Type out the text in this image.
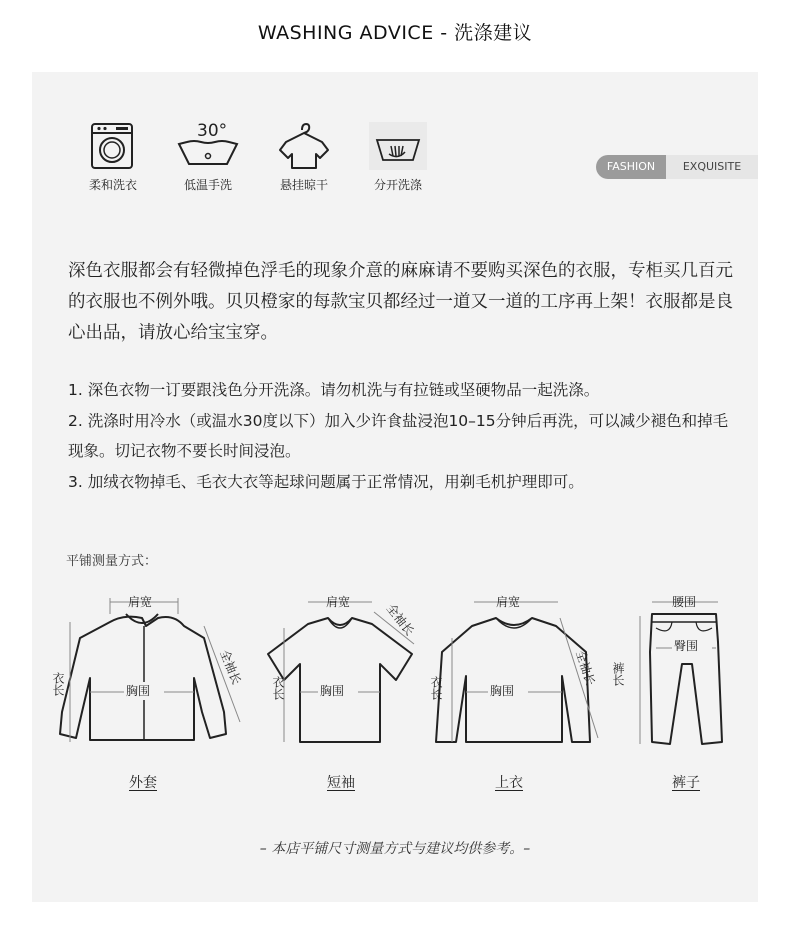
WASHING ADVICE - 洗涤建议
柔和洗衣
30°
低温手洗	悬挂晾干	分开洗涤
FASHION	EXQUISITE
深色衣服都会有轻微掉色浮毛的现象介意的麻麻请不要购买深色的衣服，专柜买几百元的衣服也不例外哦。贝贝橙家的每款宝贝都经过一道又一道的工序再上架！衣服都是良心出品，请放心给宝宝穿。

1. 深色衣物一订要跟浅色分开洗涤。请勿机洗与有拉链或坚硬物品一起洗涤。

2. 洗涤时用冷水（或温水30度以下）加入少许食盐浸泡10–15分钟后再洗，可以减少褪色和掉毛现象。切记衣物不要长时间浸泡。

3. 加绒衣物掉毛、毛衣大衣等起球问题属于正常情况，用剃毛机护理即可。

平铺测量方式：
肩宽
衣长	胸围
全袖长
外套
肩宽
衣长	胸围
全袖长
短袖
肩宽
衣长	胸围
全袖长
上衣
腰围
裤长
臀围
裤子
– 本店平铺尺寸测量方式与建议均供参考。–
